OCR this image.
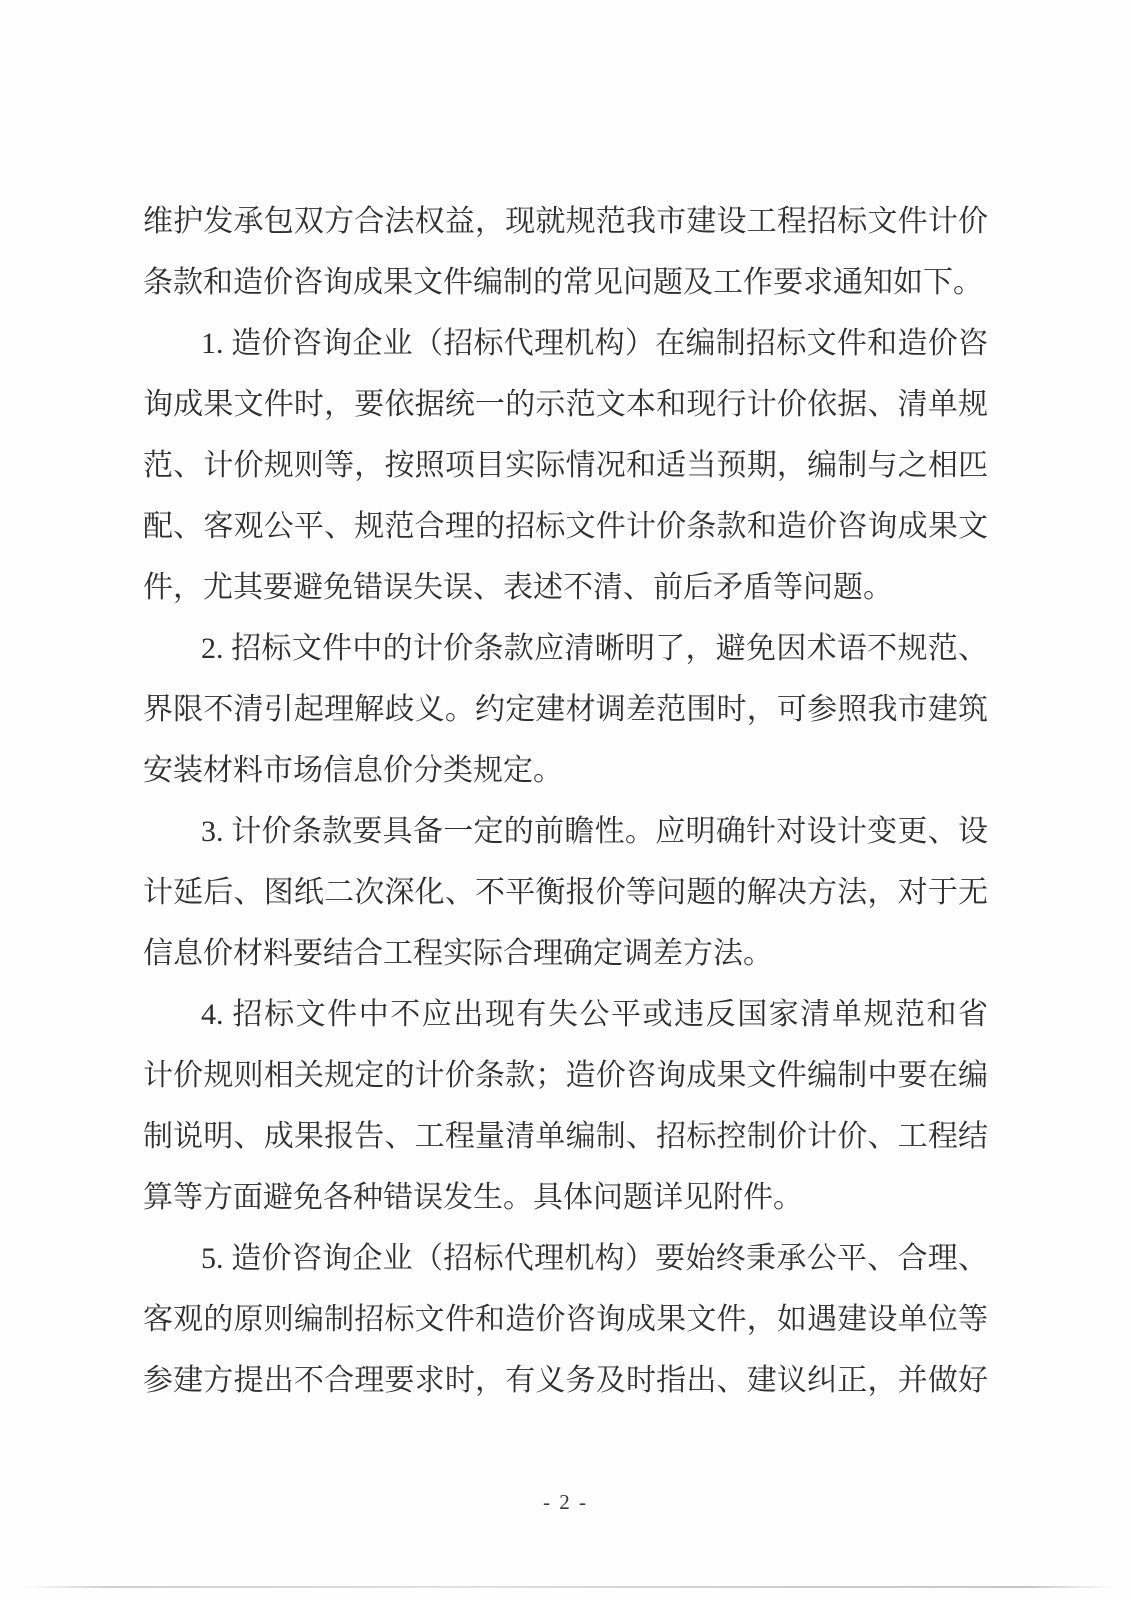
维护发承包双方合法权益，现就规范我市建设工程招标文件计价
条款和造价咨询成果文件编制的常见问题及工作要求通知如下。
1. 造价咨询企业（招标代理机构）在编制招标文件和造价咨
询成果文件时，要依据统一的示范文本和现行计价依据、清单规
范、计价规则等，按照项目实际情况和适当预期，编制与之相匹
配、客观公平、规范合理的招标文件计价条款和造价咨询成果文
件，尤其要避免错误失误、表述不清、前后矛盾等问题。
2. 招标文件中的计价条款应清晰明了，避免因术语不规范、
界限不清引起理解歧义。约定建材调差范围时，可参照我市建筑
安装材料市场信息价分类规定。
3. 计价条款要具备一定的前瞻性。应明确针对设计变更、设
计延后、图纸二次深化、不平衡报价等问题的解决方法，对于无
信息价材料要结合工程实际合理确定调差方法。
4. 招标文件中不应出现有失公平或违反国家清单规范和省
计价规则相关规定的计价条款；造价咨询成果文件编制中要在编
制说明、成果报告、工程量清单编制、招标控制价计价、工程结
算等方面避免各种错误发生。具体问题详见附件。
5. 造价咨询企业（招标代理机构）要始终秉承公平、合理、
客观的原则编制招标文件和造价咨询成果文件，如遇建设单位等
参建方提出不合理要求时，有义务及时指出、建议纠正，并做好
- 2 -
